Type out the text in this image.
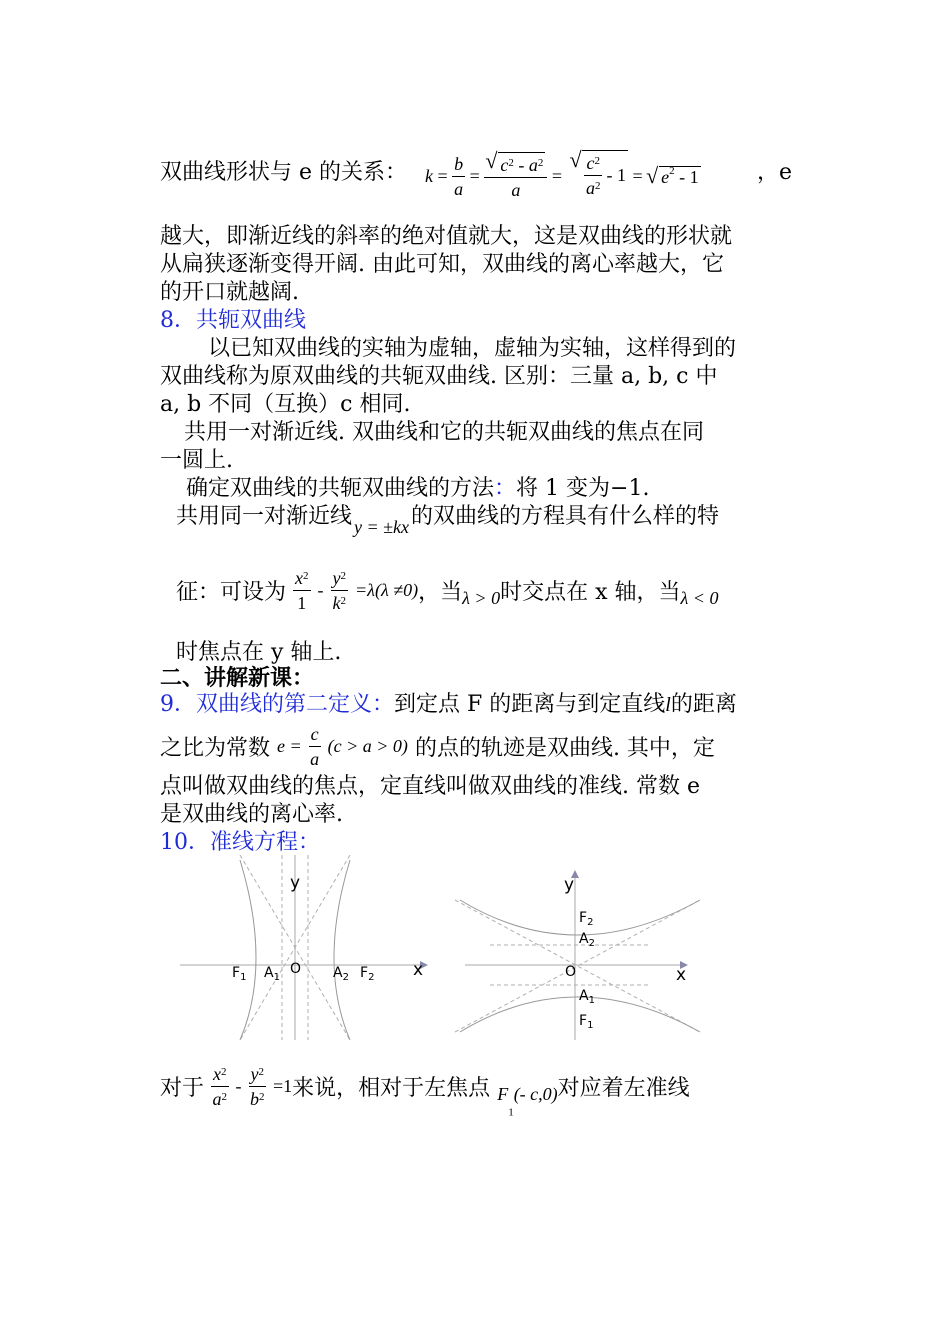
双曲线形状与 e 的关系： $k = \frac{b}{a}$ = √ $\frac{c^2 - a^2}{a}$ = √ $\frac{c^2}{a^2} - 1$ = √ $e^2 - 1$	，e
越大，即渐近线的斜率的绝对值就大，这是双曲线的形状就
从扁狭逐渐变得开阔. 由此可知，双曲线的离心率越大，它
的开口就越阔.
8．共轭双曲线
以已知双曲线的实轴为虚轴，虚轴为实轴，这样得到的
双曲线称为原双曲线的共轭双曲线. 区别：三量 a, b, c 中
a, b 不同（互换）c 相同.
共用一对渐近线. 双曲线和它的共轭双曲线的焦点在同
一圆上.
确定双曲线的共轭双曲线的方法：将 1 变为−1.
共用同一对渐近线 $_{y = \pm kx}$的双曲线的方程具有什么样的特
征：可设为 $\frac{x^2}{1} - \frac{y^2}{k^2} =\lambda(\lambda \ne 0)$，当$_{\lambda > 0}$时交点在 x 轴，当$_{\lambda < 0}$
时焦点在 y 轴上.
二、讲解新课：
9．双曲线的第二定义：到定点 F 的距离与到定直线l的距离
之比为常数 $e = \frac{c}{a} (c > a > 0)$ 的点的轨迹是双曲线. 其中，定
点叫做双曲线的焦点，定直线叫做双曲线的准线. 常数 e
是双曲线的离心率.
10．准线方程：
y
x
O
$F_1$ $A_1$	$A_2$ $F_2$
y
x
O
$F_2$
$A_2$
$A_1$
$F_1$
对于 $\frac{x^2}{a^2} - \frac{y^2}{b^2} =1$来说，相对于左焦点 $_{F1(- c,0)}$对应着左准线
